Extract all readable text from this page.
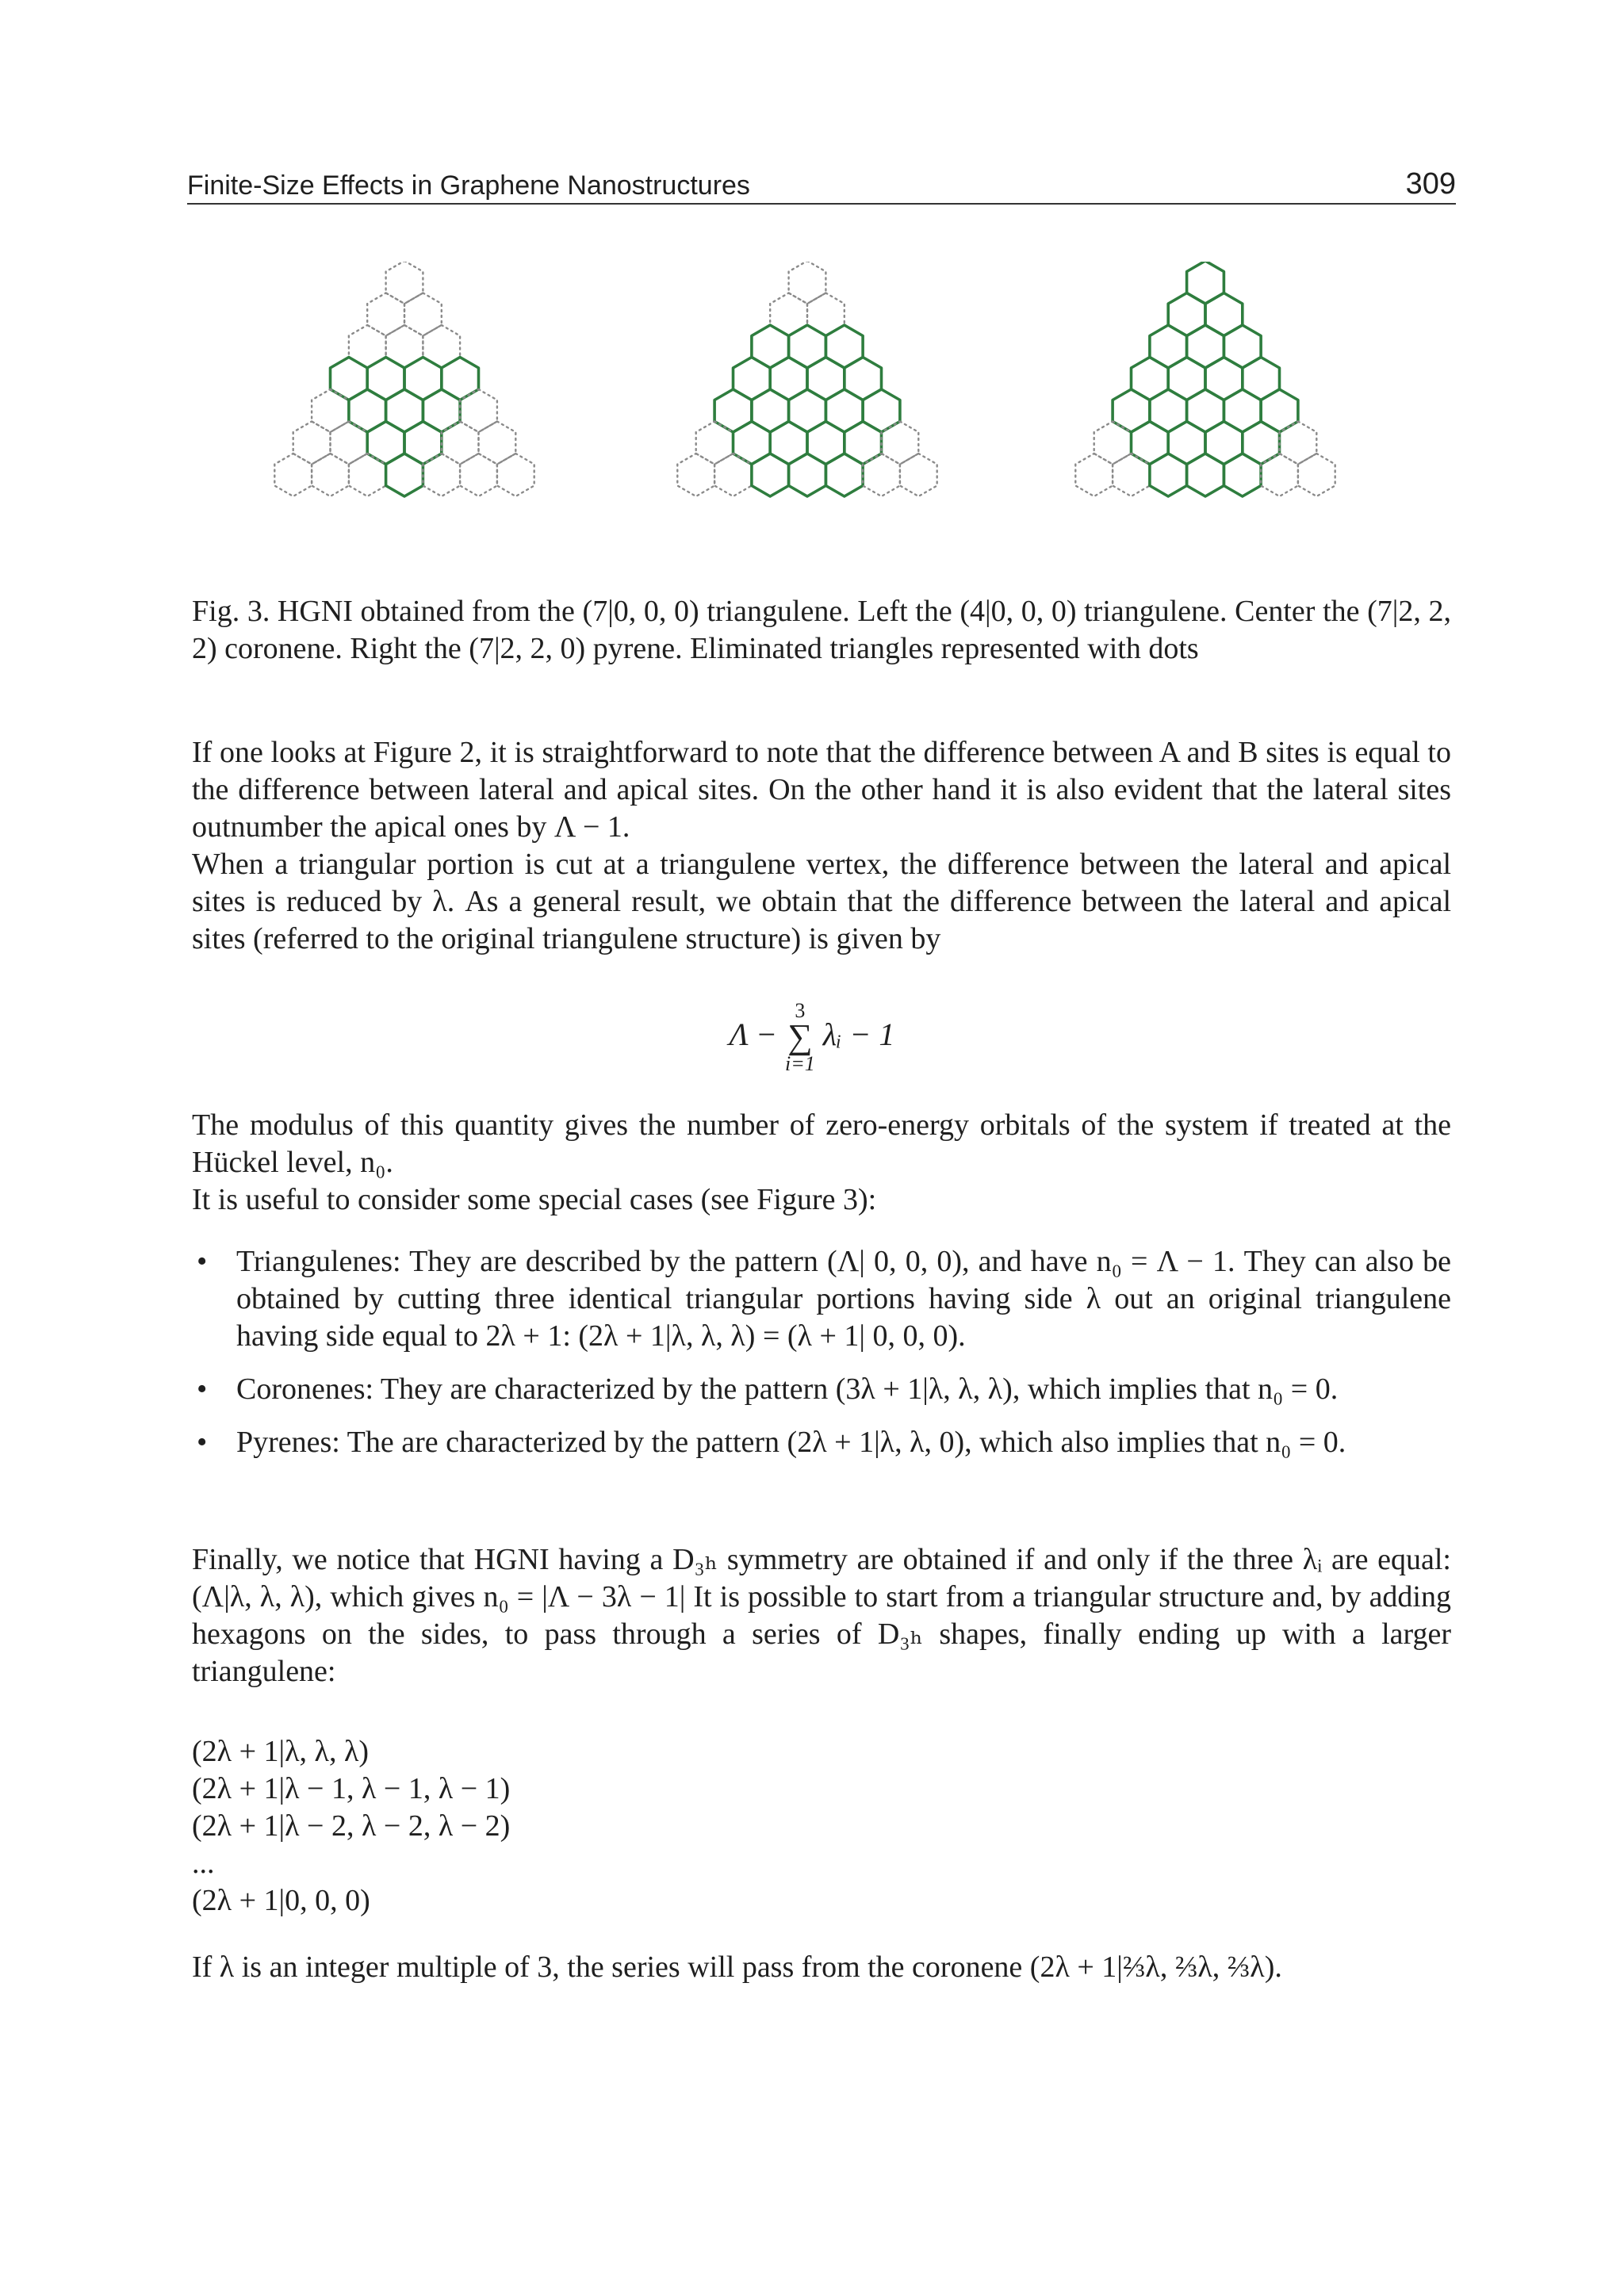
Finite-Size Effects in Graphene Nanostructures	309

Fig. 3. HGNI obtained from the (7|0, 0, 0) triangulene. Left the (4|0, 0, 0) triangulene. Center the (7|2, 2, 2) coronene. Right the (7|2, 2, 0) pyrene. Eliminated triangles represented with dots

If one looks at Figure 2, it is straightforward to note that the difference between A and B sites is equal to the difference between lateral and apical sites. On the other hand it is also evident that the lateral sites outnumber the apical ones by Λ − 1.

When a triangular portion is cut at a triangulene vertex, the difference between the lateral and apical sites is reduced by λ. As a general result, we obtain that the difference between the lateral and apical sites (referred to the original triangulene structure) is given by

Λ −
3
∑
i=1
λᵢ − 1

The modulus of this quantity gives the number of zero-energy orbitals of the system if treated at the Hückel level, n₀.

It is useful to consider some special cases (see Figure 3):

• Triangulenes: They are described by the pattern (Λ| 0, 0, 0), and have n₀ = Λ − 1. They can also be obtained by cutting three identical triangular portions having side λ out an original triangulene having side equal to 2λ + 1: (2λ + 1|λ, λ, λ) = (λ + 1| 0, 0, 0).
• Coronenes: They are characterized by the pattern (3λ + 1|λ, λ, λ), which implies that n₀ = 0.
• Pyrenes: The are characterized by the pattern (2λ + 1|λ, λ, 0), which also implies that n₀ = 0.

Finally, we notice that HGNI having a D₃ₕ symmetry are obtained if and only if the three λᵢ are equal: (Λ|λ, λ, λ), which gives n₀ = |Λ − 3λ − 1| It is possible to start from a triangular structure and, by adding hexagons on the sides, to pass through a series of D₃ₕ shapes, finally ending up with a larger triangulene:

(2λ + 1|λ, λ, λ)
(2λ + 1|λ − 1, λ − 1, λ − 1)
(2λ + 1|λ − 2, λ − 2, λ − 2)
...
(2λ + 1|0, 0, 0)

If λ is an integer multiple of 3, the series will pass from the coronene (2λ + 1|⅔λ, ⅔λ, ⅔λ).
